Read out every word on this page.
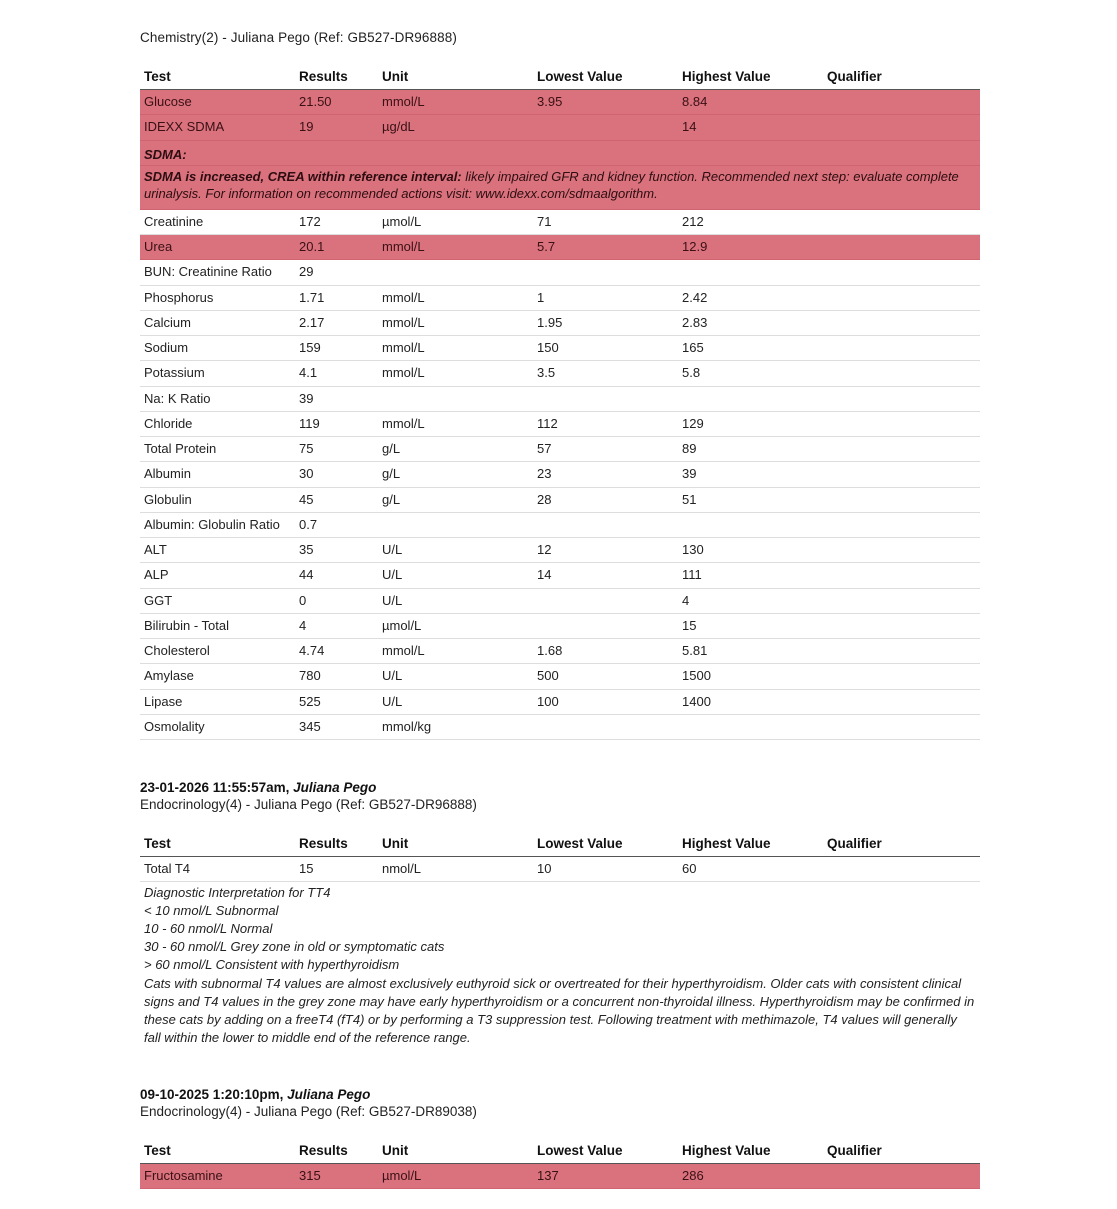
Chemistry(2) - Juliana Pego (Ref: GB527-DR96888)
Test	Results	Unit	Lowest Value	Highest Value	Qualifier
Glucose	21.50	mmol/L	3.95	8.84	
IDEXX SDMA	19	µg/dL		14	
SDMA:					
SDMA is increased, CREA within reference interval: likely impaired GFR and kidney function. Recommended next step: evaluate complete urinalysis. For information on recommended actions visit: www.idexx.com/sdmaalgorithm.					
Creatinine	172	µmol/L	71	212	
Urea	20.1	mmol/L	5.7	12.9	
BUN: Creatinine Ratio	29				
Phosphorus	1.71	mmol/L	1	2.42	
Calcium	2.17	mmol/L	1.95	2.83	
Sodium	159	mmol/L	150	165	
Potassium	4.1	mmol/L	3.5	5.8	
Na: K Ratio	39				
Chloride	119	mmol/L	112	129	
Total Protein	75	g/L	57	89	
Albumin	30	g/L	23	39	
Globulin	45	g/L	28	51	
Albumin: Globulin Ratio	0.7				
ALT	35	U/L	12	130	
ALP	44	U/L	14	111	
GGT	0	U/L		4	
Bilirubin - Total	4	µmol/L		15	
Cholesterol	4.74	mmol/L	1.68	5.81	
Amylase	780	U/L	500	1500	
Lipase	525	U/L	100	1400	
Osmolality	345	mmol/kg			
23-01-2026 11:55:57am, Juliana Pego
Endocrinology(4) - Juliana Pego (Ref: GB527-DR96888)
Test	Results	Unit	Lowest Value	Highest Value	Qualifier
Total T4	15	nmol/L	10	60	
Diagnostic Interpretation for TT4
< 10 nmol/L Subnormal
10 - 60 nmol/L Normal
30 - 60 nmol/L Grey zone in old or symptomatic cats
> 60 nmol/L Consistent with hyperthyroidism
Cats with subnormal T4 values are almost exclusively euthyroid sick or overtreated for their hyperthyroidism. Older cats with consistent clinical signs and T4 values in the grey zone may have early hyperthyroidism or a concurrent non-thyroidal illness. Hyperthyroidism may be confirmed in these cats by adding on a freeT4 (fT4) or by performing a T3 suppression test. Following treatment with methimazole, T4 values will generally fall within the lower to middle end of the reference range.
09-10-2025 1:20:10pm, Juliana Pego
Endocrinology(4) - Juliana Pego (Ref: GB527-DR89038)
Test	Results	Unit	Lowest Value	Highest Value	Qualifier
Fructosamine	315	µmol/L	137	286	
